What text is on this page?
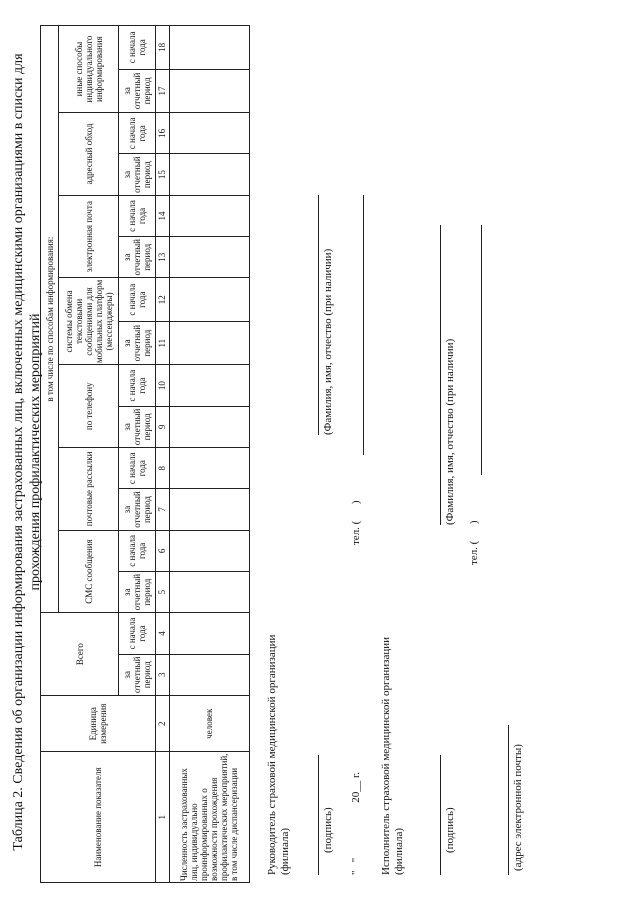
Таблица 2. Сведения об организации информирования застрахованных лиц, включенных медицинскими организациями в списки для прохождения профилактических мероприятий
Наименование показателя	Единица измерения	Всего		в том числе по способам информирования:													
				СМС сообщения		почтовые рассылки		по телефону		системы обмена текстовыми сообщениями для мобильных платформ (мессенджеры)		электронная почта		адресный обход		иные способы индивидуального информирования	
		за отчетный период	с начала года	за отчетный период	с начала года	за отчетный период	с начала года	за отчетный период	с начала года	за отчетный период	с начала года	за отчетный период	с начала года	за отчетный период	с начала года	за отчетный период	с начала года
1	2	3	4	5	6	7	8	9	10	11	12	13	14	15	16	17	18
Численность застрахованных лиц, индивидуально проинформированных о возможности прохождения профилактических мероприятий, в том числе диспансеризации	человек																	Руководитель страховой медицинской организации (филиала)	(подпись)
(Фамилия, имя, отчество (при наличии)
"   "                    20__ г.
тел. (      )
Исполнитель страховой медицинской организации (филиала)	(подпись)
(Фамилия, имя, отчество (при наличии)
тел. (      )
(адрес электронной почты)
